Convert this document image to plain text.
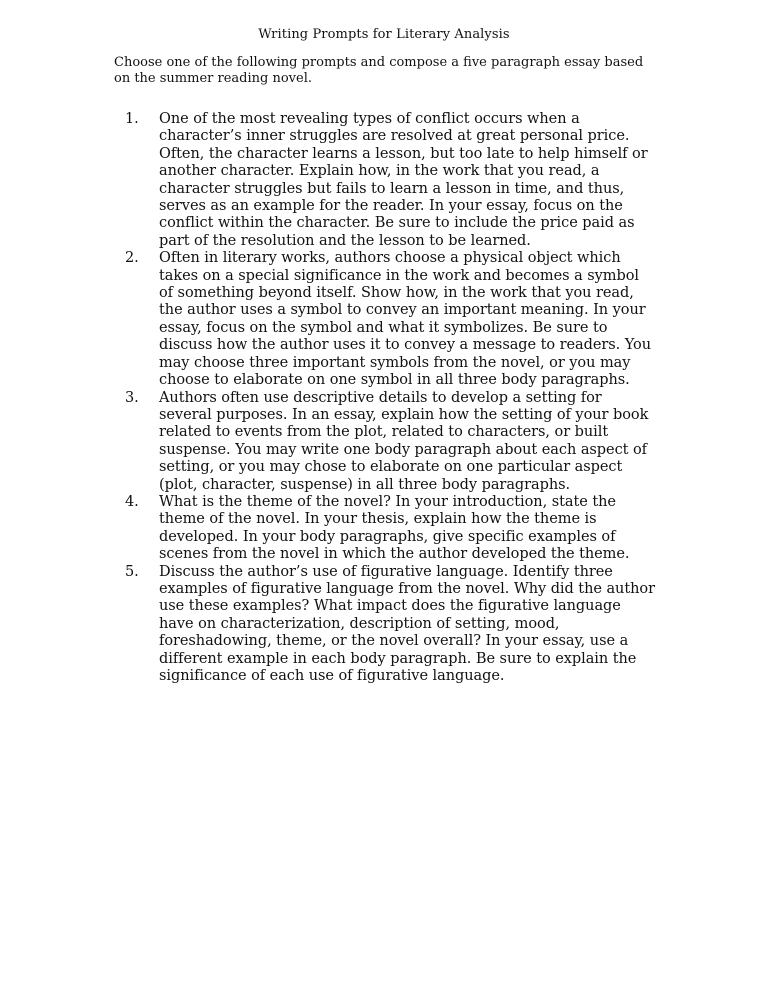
Writing Prompts for Literary Analysis
Choose one of the following prompts and compose a five paragraph essay based on the summer reading novel.
1.	One of the most revealing types of conflict occurs when a character’s inner struggles are resolved at great personal price. Often, the character learns a lesson, but too late to help himself or another character. Explain how, in the work that you read, a character struggles but fails to learn a lesson in time, and thus, serves as an example for the reader. In your essay, focus on the conflict within the character. Be sure to include the price paid as part of the resolution and the lesson to be learned.
2.	Often in literary works, authors choose a physical object which takes on a special significance in the work and becomes a symbol of something beyond itself. Show how, in the work that you read, the author uses a symbol to convey an important meaning. In your essay, focus on the symbol and what it symbolizes. Be sure to discuss how the author uses it to convey a message to readers. You may choose three important symbols from the novel, or you may choose to elaborate on one symbol in all three body paragraphs.
3.	Authors often use descriptive details to develop a setting for several purposes. In an essay, explain how the setting of your book related to events from the plot, related to characters, or built suspense. You may write one body paragraph about each aspect of setting, or you may chose to elaborate on one particular aspect (plot, character, suspense) in all three body paragraphs.
4.	What is the theme of the novel? In your introduction, state the theme of the novel. In your thesis, explain how the theme is developed. In your body paragraphs, give specific examples of scenes from the novel in which the author developed the theme.
5.	Discuss the author’s use of figurative language. Identify three examples of figurative language from the novel. Why did the author use these examples? What impact does the figurative language have on characterization, description of setting, mood, foreshadowing, theme, or the novel overall? In your essay, use a different example in each body paragraph. Be sure to explain the significance of each use of figurative language.
